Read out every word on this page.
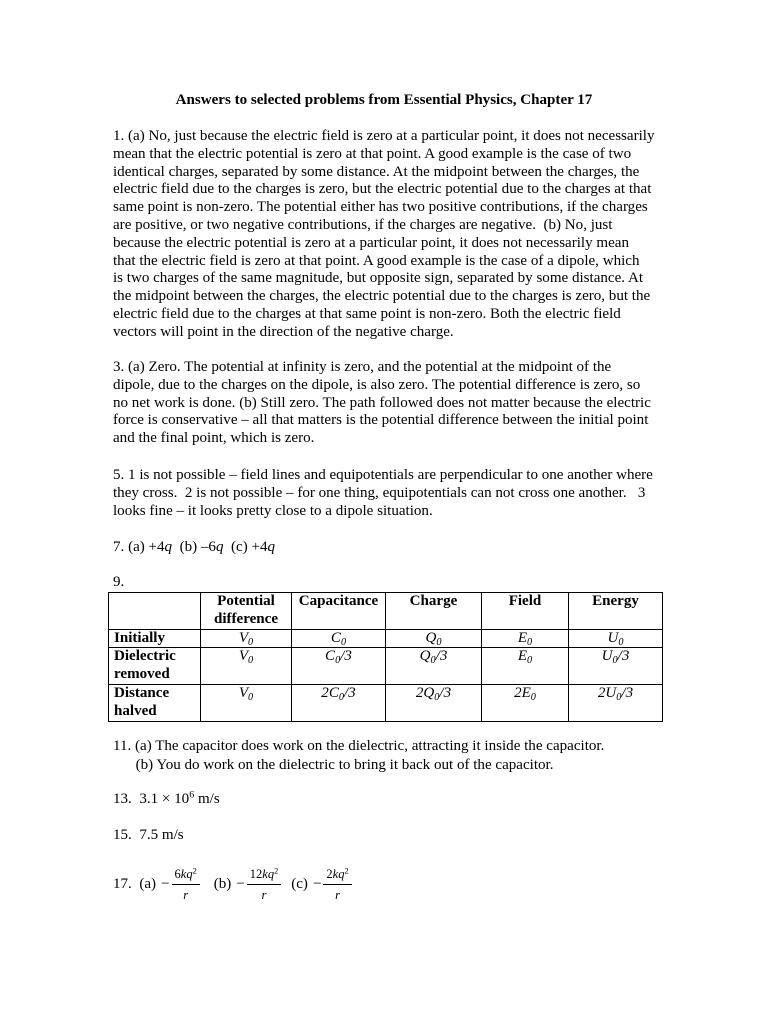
Answers to selected problems from Essential Physics, Chapter 17
1. (a) No, just because the electric field is zero at a particular point, it does not necessarily
mean that the electric potential is zero at that point. A good example is the case of two
identical charges, separated by some distance. At the midpoint between the charges, the
electric field due to the charges is zero, but the electric potential due to the charges at that
same point is non-zero. The potential either has two positive contributions, if the charges
are positive, or two negative contributions, if the charges are negative.  (b) No, just
because the electric potential is zero at a particular point, it does not necessarily mean
that the electric field is zero at that point. A good example is the case of a dipole, which
is two charges of the same magnitude, but opposite sign, separated by some distance. At
the midpoint between the charges, the electric potential due to the charges is zero, but the
electric field due to the charges at that same point is non-zero. Both the electric field
vectors will point in the direction of the negative charge.
3. (a) Zero. The potential at infinity is zero, and the potential at the midpoint of the
dipole, due to the charges on the dipole, is also zero. The potential difference is zero, so
no net work is done. (b) Still zero. The path followed does not matter because the electric
force is conservative – all that matters is the potential difference between the initial point
and the final point, which is zero.
5. 1 is not possible – field lines and equipotentials are perpendicular to one another where
they cross.  2 is not possible – for one thing, equipotentials can not cross one another.   3
looks fine – it looks pretty close to a dipole situation.
7. (a) +4 q (b) –6 q (c) +4 q
9.
	Potential difference	Capacitance	Charge	Field	Energy
Initially	$V_0$	$C_0$	$Q_0$	$E_0$	$U_0$
Dielectric removed	$V_0$	$C_0/3$	$Q_0/3$	$E_0$	$U_0/3$
Distance halved	$V_0$	$2C_0/3$	$2Q_0/3$	$2E_0$	$2U_0/3$
11. (a) The capacitor does work on the dielectric, attracting it inside the capacitor.
(b) You do work on the dielectric to bring it back out of the capacitor.
13. $3.1 \times 10^6$ m/s
15. 7.5 m/s
17. $(a) - \frac{6kq^2}{r} (b) - \frac{12kq^2}{r} (c) - \frac{2kq^2}{r}$
